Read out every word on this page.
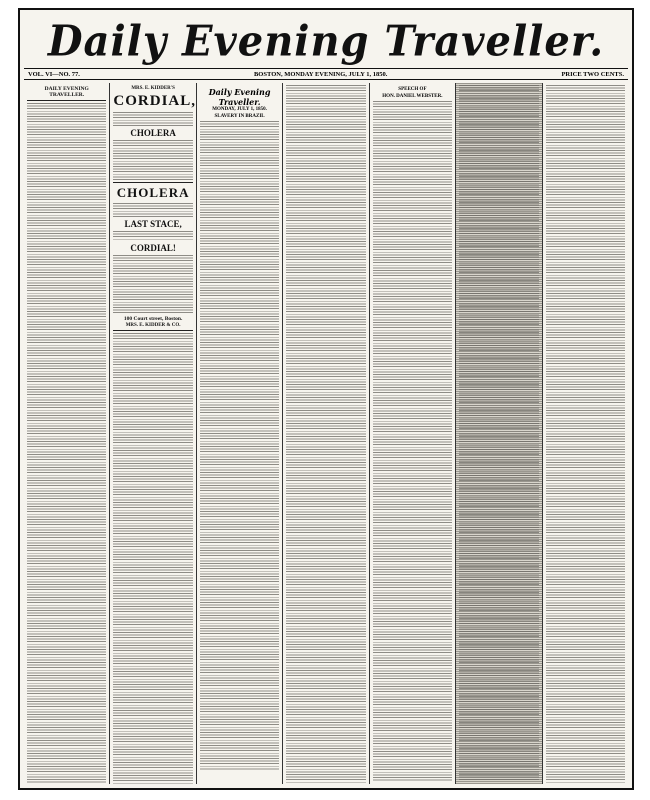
Daily Evening Traveller.
VOL. VI—NO. 77.	BOSTON, MONDAY EVENING, JULY 1, 1850.	PRICE TWO CENTS.
DAILY EVENING TRAVELLER.
MRS. E. KIDDER'S
CORDIAL,
CHOLERA
CHOLERA
LAST STACE,
CORDIAL!
100 Court street, Boston.
MRS. E. KIDDER & CO.
Daily Evening Traveller.
MONDAY, JULY 1, 1850.
SLAVERY IN BRAZIL
SPEECH OF
HON. DANIEL WEBSTER.
